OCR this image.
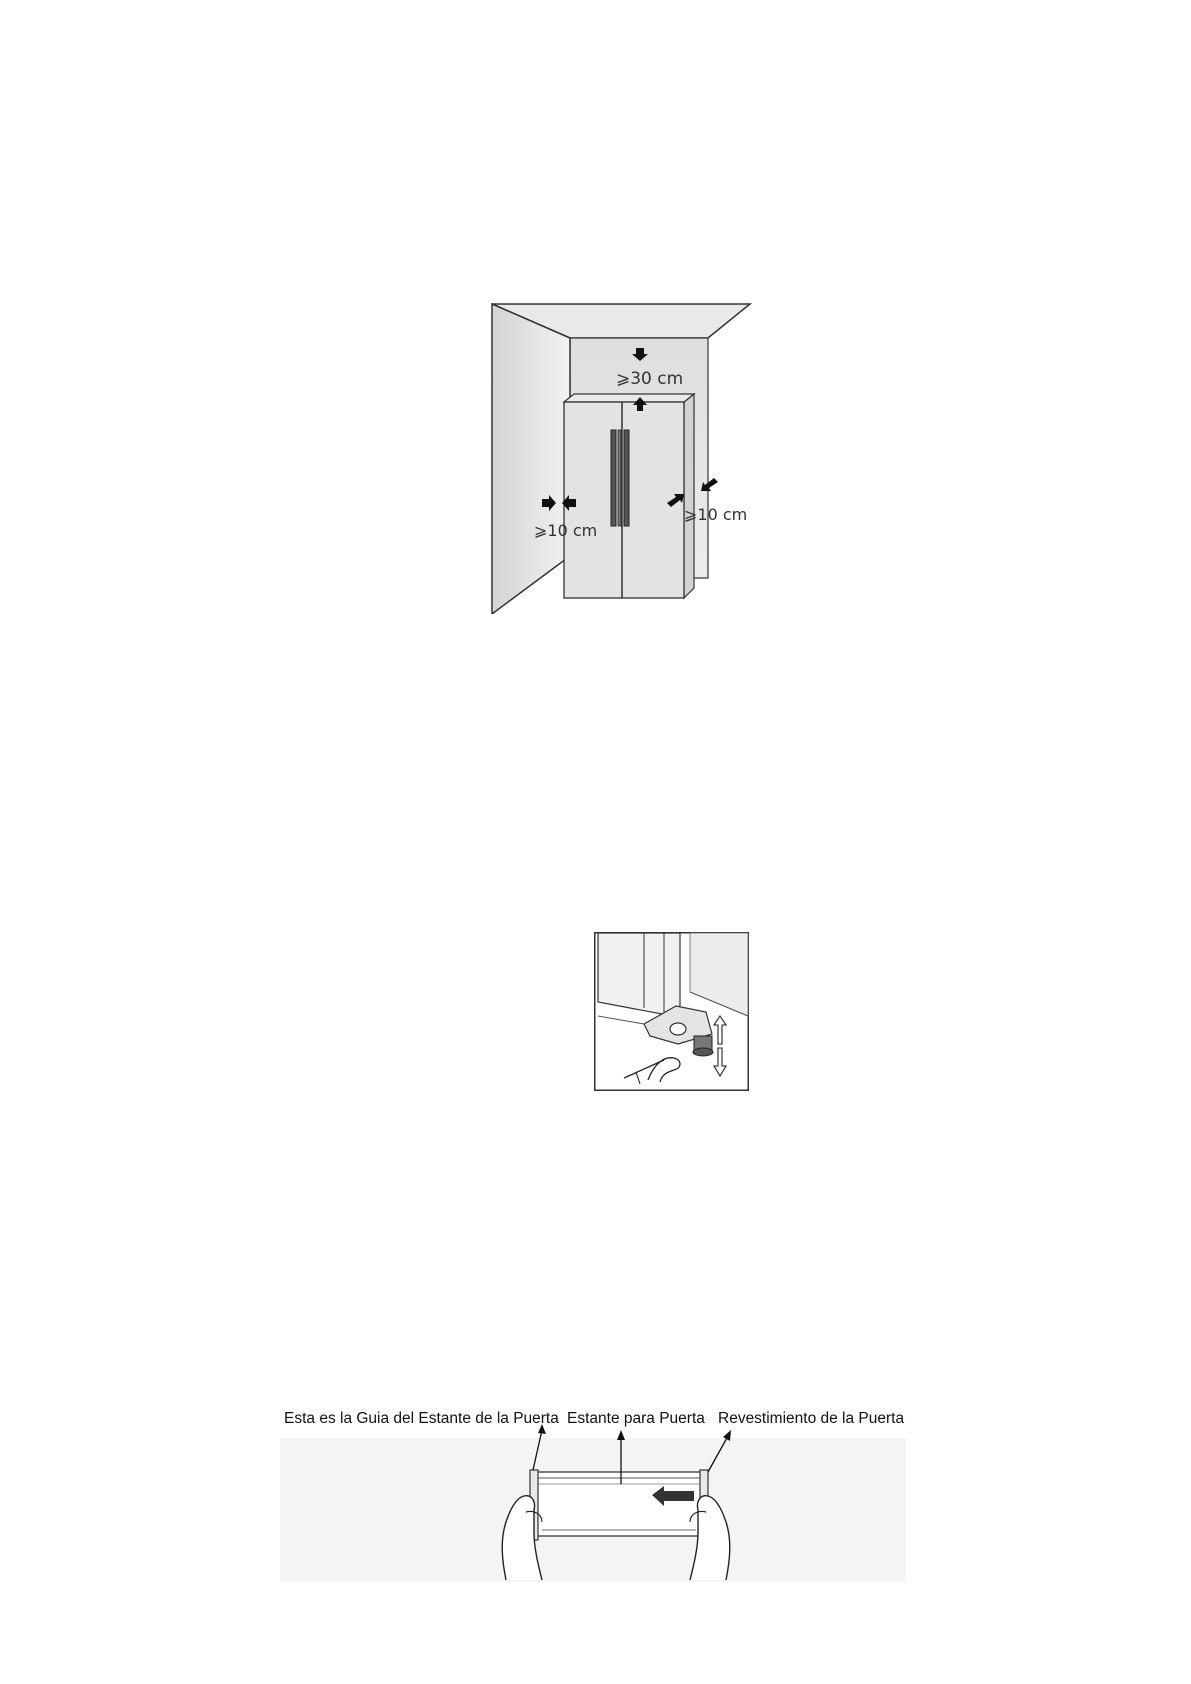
⩾30 cm
⩾10 cm
⩾10 cm
Esta es la Guia del Estante de la Puerta Estante para Puerta Revestimiento de la Puerta
